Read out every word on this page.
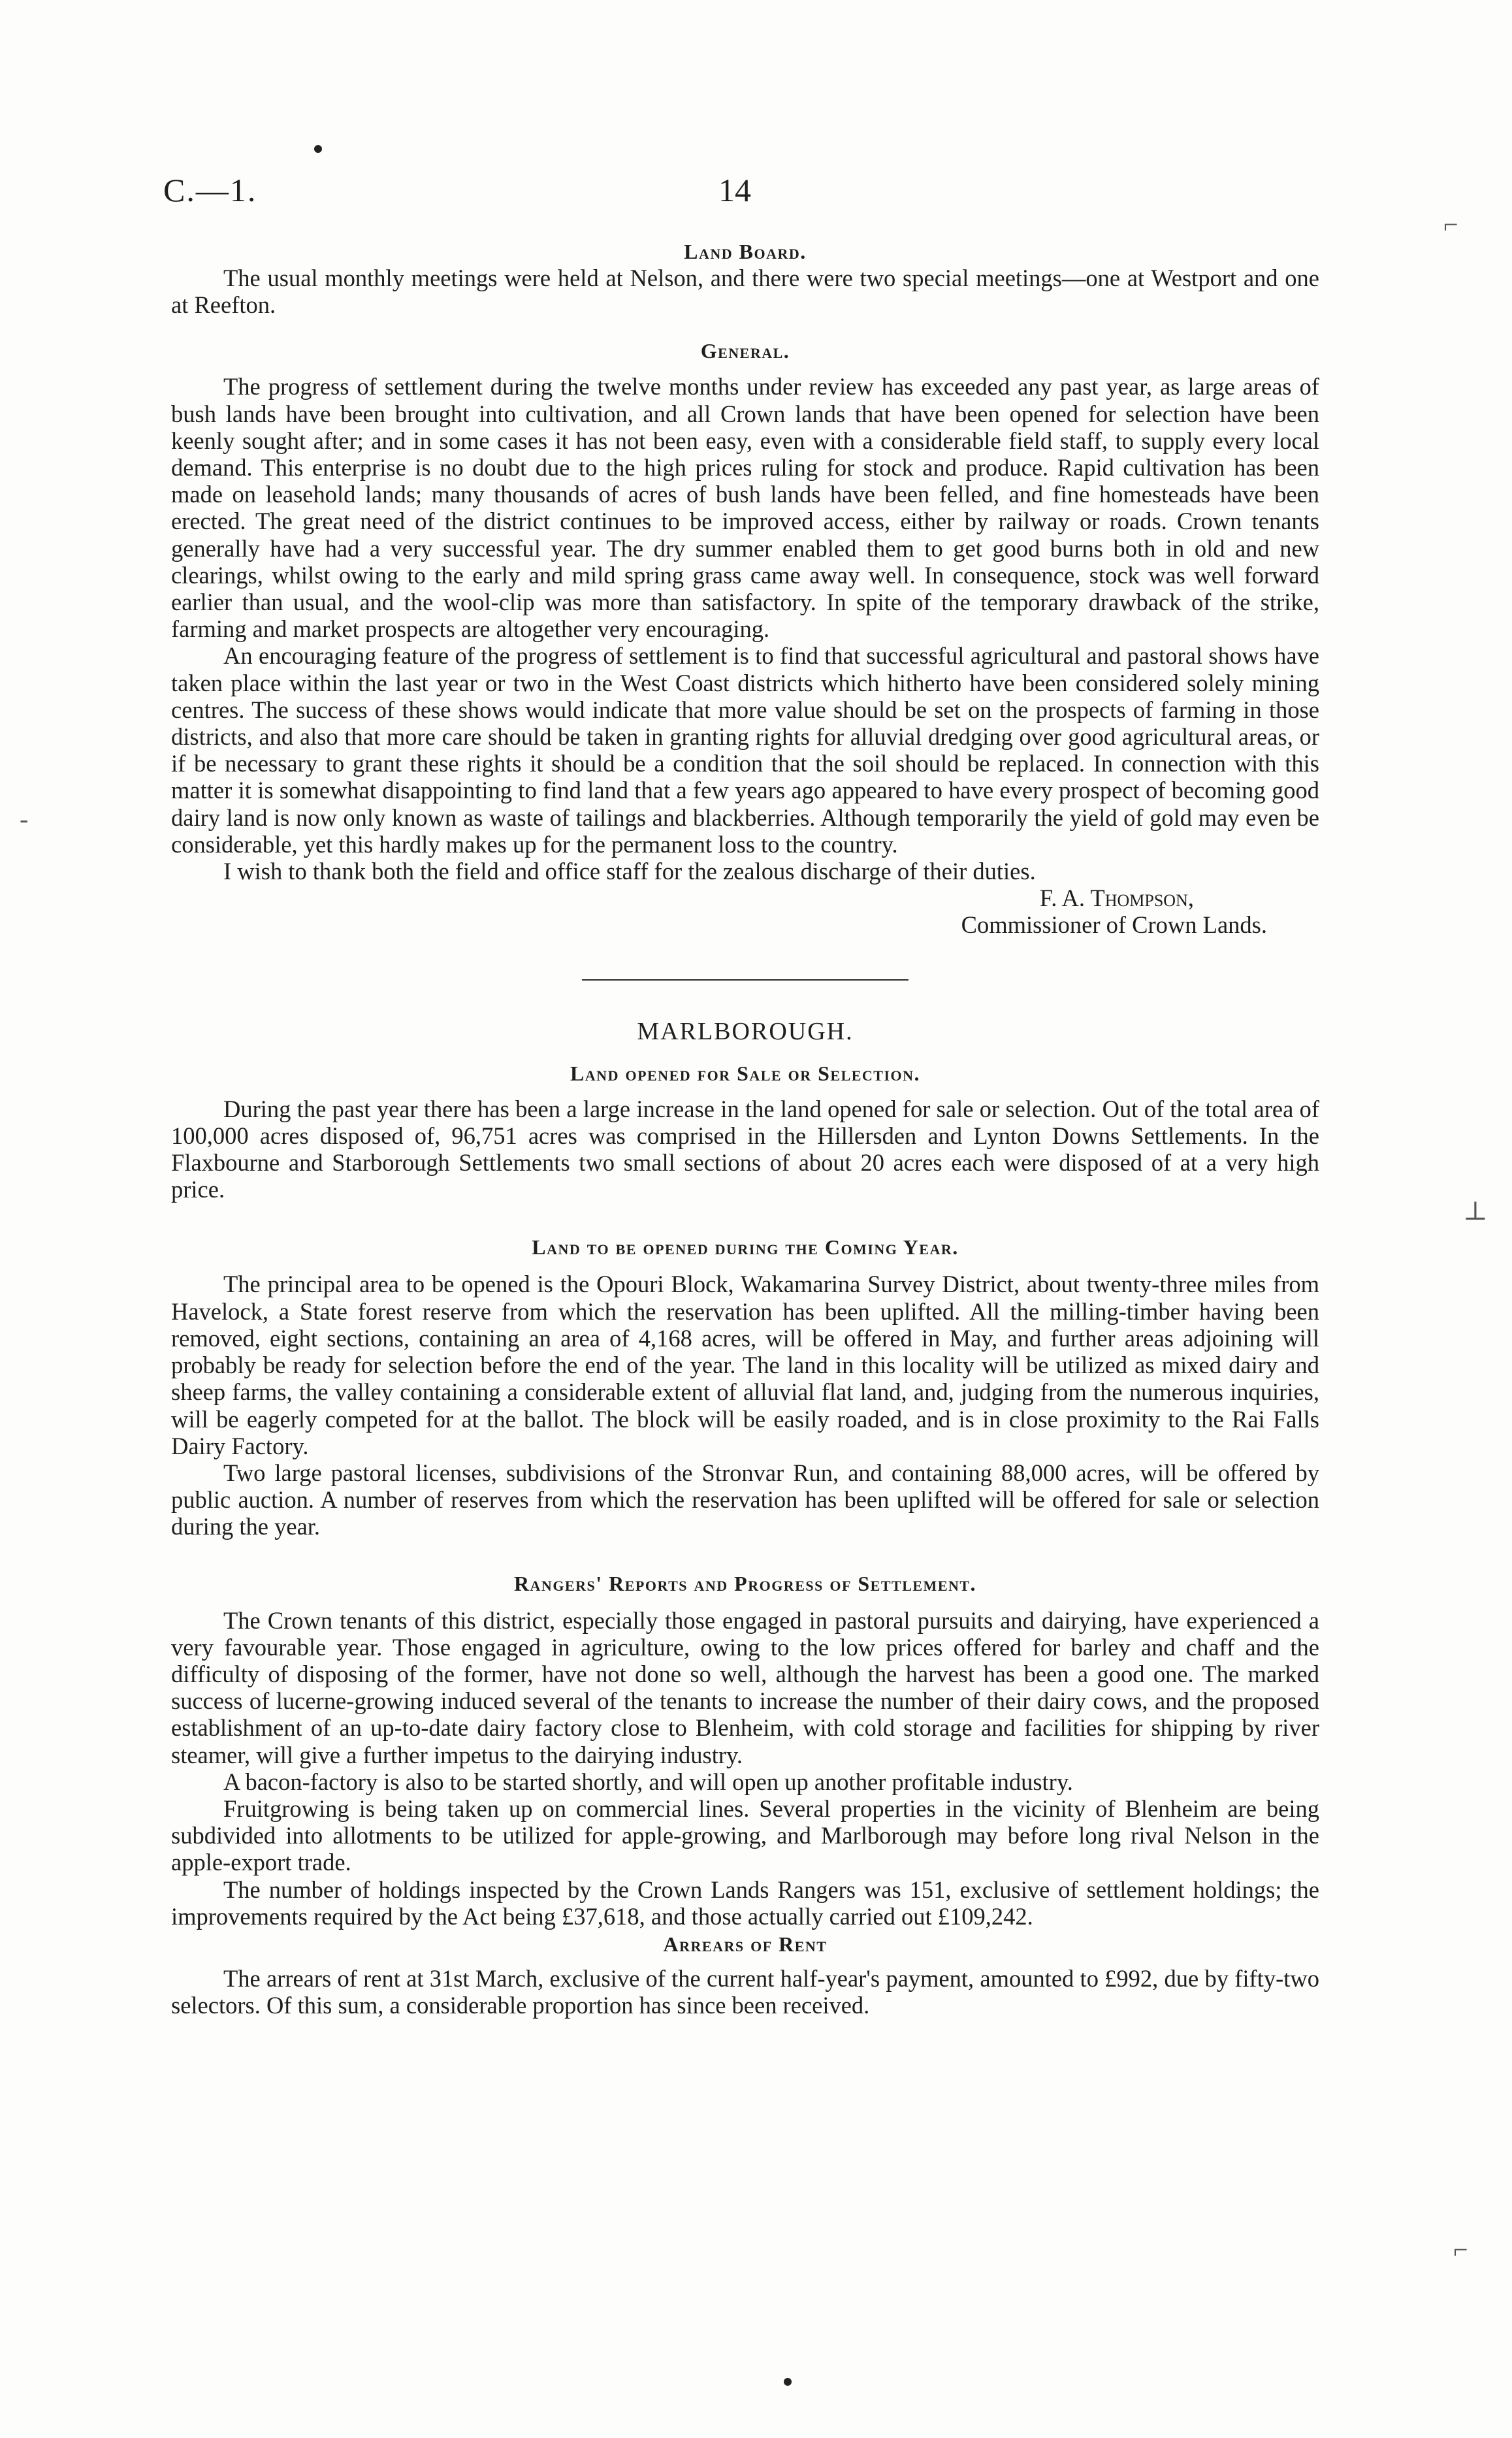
⌐
‐
⊥
⌐
C.—1.	14
Land Board.

The usual monthly meetings were held at Nelson, and there were two special meetings—one at Westport and one at Reefton.

General.

The progress of settlement during the twelve months under review has exceeded any past year, as large areas of bush lands have been brought into cultivation, and all Crown lands that have been opened for selection have been keenly sought after; and in some cases it has not been easy, even with a considerable field staff, to supply every local demand. This enterprise is no doubt due to the high prices ruling for stock and produce. Rapid cultivation has been made on leasehold lands; many thousands of acres of bush lands have been felled, and fine homesteads have been erected. The great need of the district continues to be improved access, either by railway or roads. Crown tenants generally have had a very successful year. The dry summer enabled them to get good burns both in old and new clearings, whilst owing to the early and mild spring grass came away well. In consequence, stock was well forward earlier than usual, and the wool-clip was more than satisfactory. In spite of the temporary drawback of the strike, farming and market prospects are altogether very encouraging.

An encouraging feature of the progress of settlement is to find that successful agricultural and pastoral shows have taken place within the last year or two in the West Coast districts which hitherto have been considered solely mining centres. The success of these shows would indicate that more value should be set on the prospects of farming in those districts, and also that more care should be taken in granting rights for alluvial dredging over good agricultural areas, or if be necessary to grant these rights it should be a condition that the soil should be replaced. In connection with this matter it is somewhat disappointing to find land that a few years ago appeared to have every prospect of becoming good dairy land is now only known as waste of tailings and blackberries. Although temporarily the yield of gold may even be considerable, yet this hardly makes up for the permanent loss to the country.

I wish to thank both the field and office staff for the zealous discharge of their duties.

F. A. Thompson,
Commissioner of Crown Lands.
MARLBOROUGH.
Land opened for Sale or Selection.

During the past year there has been a large increase in the land opened for sale or selection. Out of the total area of 100,000 acres disposed of, 96,751 acres was comprised in the Hillersden and Lynton Downs Settlements. In the Flaxbourne and Starborough Settlements two small sections of about 20 acres each were disposed of at a very high price.

Land to be opened during the Coming Year.

The principal area to be opened is the Opouri Block, Wakamarina Survey District, about twenty-three miles from Havelock, a State forest reserve from which the reservation has been uplifted. All the milling-timber having been removed, eight sections, containing an area of 4,168 acres, will be offered in May, and further areas adjoining will probably be ready for selection before the end of the year. The land in this locality will be utilized as mixed dairy and sheep farms, the valley containing a considerable extent of alluvial flat land, and, judging from the numerous inquiries, will be eagerly competed for at the ballot. The block will be easily roaded, and is in close proximity to the Rai Falls Dairy Factory.

Two large pastoral licenses, subdivisions of the Stronvar Run, and containing 88,000 acres, will be offered by public auction. A number of reserves from which the reservation has been uplifted will be offered for sale or selection during the year.

Rangers' Reports and Progress of Settlement.

The Crown tenants of this district, especially those engaged in pastoral pursuits and dairying, have experienced a very favourable year. Those engaged in agriculture, owing to the low prices offered for barley and chaff and the difficulty of disposing of the former, have not done so well, although the harvest has been a good one. The marked success of lucerne-growing induced several of the tenants to increase the number of their dairy cows, and the proposed establishment of an up-to-date dairy factory close to Blenheim, with cold storage and facilities for shipping by river steamer, will give a further impetus to the dairying industry.

A bacon-factory is also to be started shortly, and will open up another profitable industry.

Fruitgrowing is being taken up on commercial lines. Several properties in the vicinity of Blenheim are being subdivided into allotments to be utilized for apple-growing, and Marlborough may before long rival Nelson in the apple-export trade.

The number of holdings inspected by the Crown Lands Rangers was 151, exclusive of settlement holdings; the improvements required by the Act being £37,618, and those actually carried out £109,242.

Arrears of Rent

The arrears of rent at 31st March, exclusive of the current half-year's payment, amounted to £992, due by fifty-two selectors. Of this sum, a considerable proportion has since been received.
